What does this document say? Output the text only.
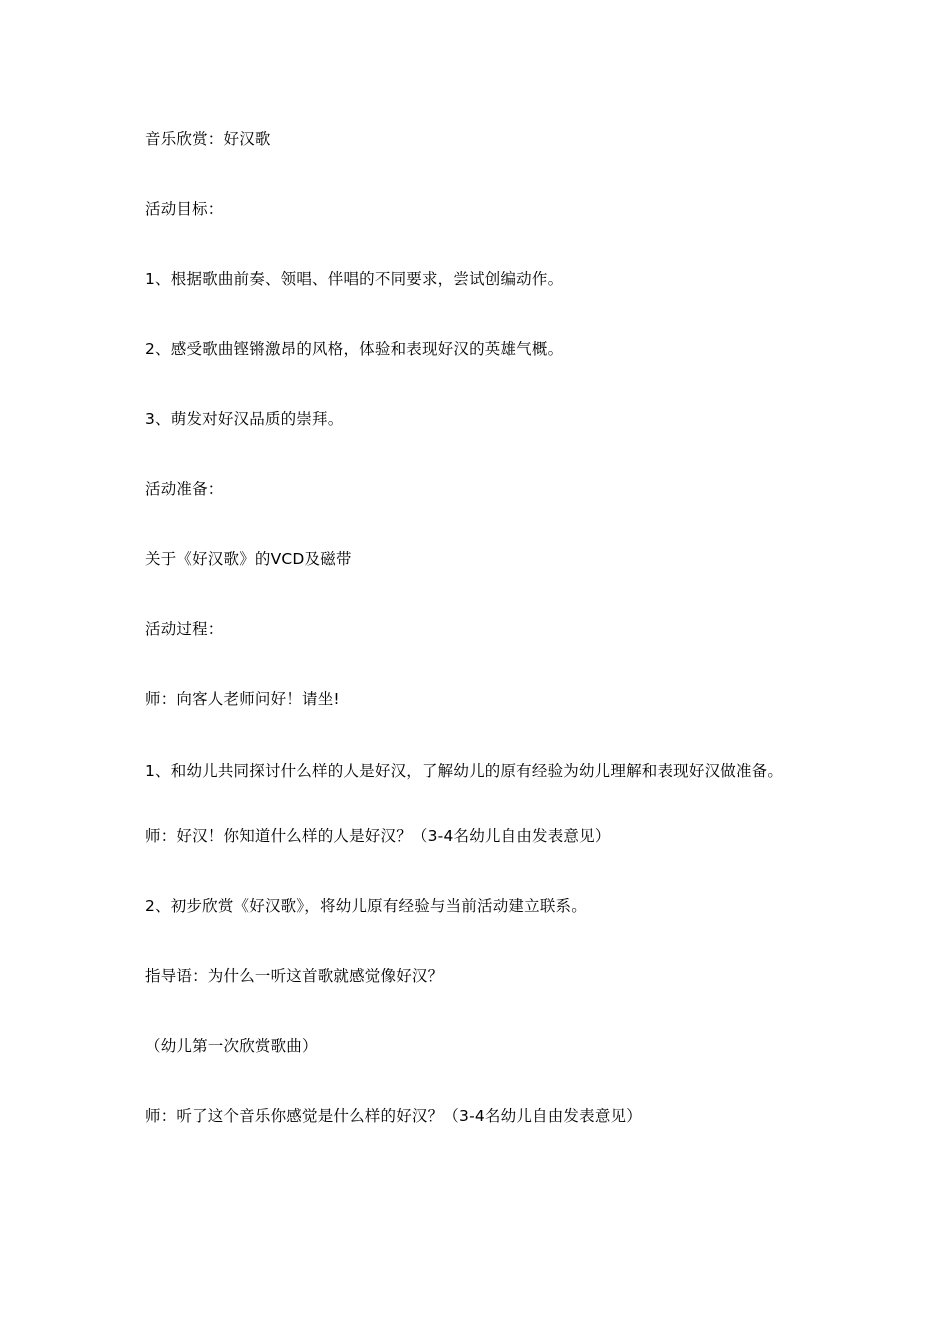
音乐欣赏：好汉歌

活动目标：

1、根据歌曲前奏、领唱、伴唱的不同要求，尝试创编动作。

2、感受歌曲铿锵激昂的风格，体验和表现好汉的英雄气概。

3、萌发对好汉品质的崇拜。

活动准备：

关于《好汉歌》的VCD及磁带

活动过程：

师：向客人老师问好！请坐!

1、和幼儿共同探讨什么样的人是好汉，了解幼儿的原有经验为幼儿理解和表现好汉做准备。

师：好汉！你知道什么样的人是好汉？（3-4名幼儿自由发表意见）

2、初步欣赏《好汉歌》，将幼儿原有经验与当前活动建立联系。

指导语：为什么一听这首歌就感觉像好汉？

（幼儿第一次欣赏歌曲）

师：听了这个音乐你感觉是什么样的好汉？（3-4名幼儿自由发表意见）
